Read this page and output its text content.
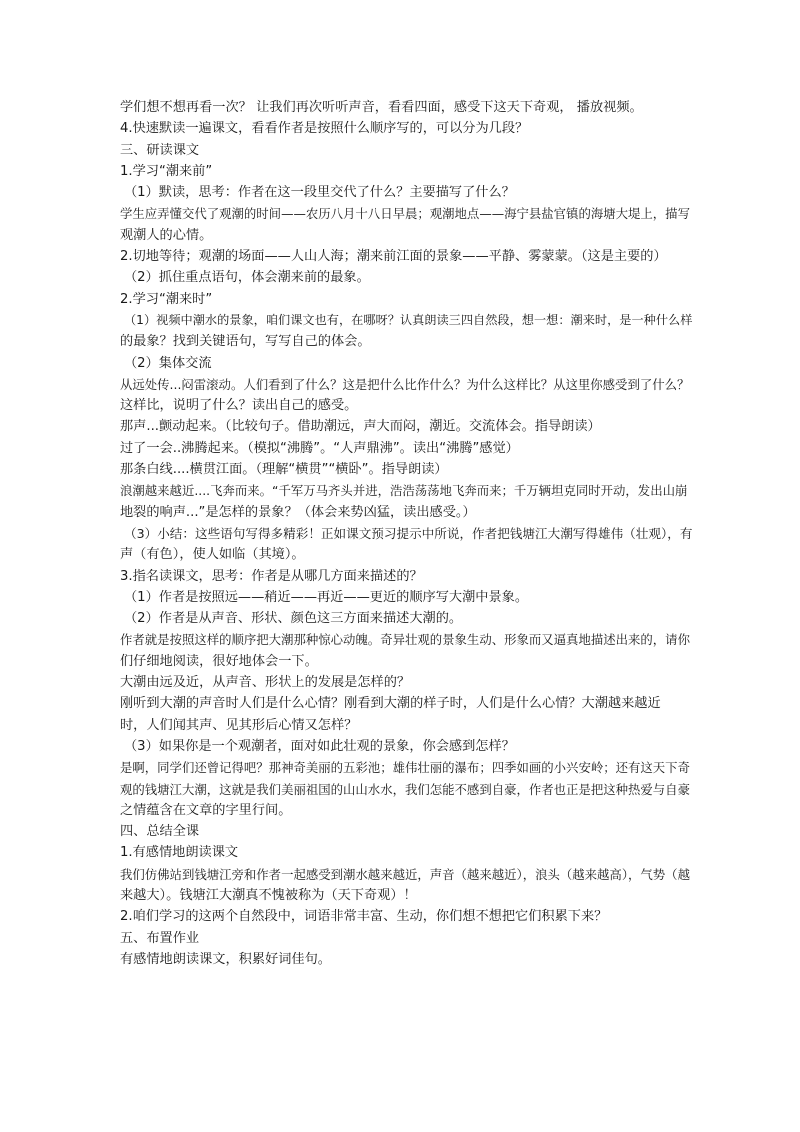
学们想不想再看一次？ 让我们再次听听声音，看看四面，感受下这天下奇观， 播放视频。
4.快速默读一遍课文，看看作者是按照什么顺序写的，可以分为几段？
三、研读课文
1.学习“潮来前”
（1）默读，思考：作者在这一段里交代了什么？主要描写了什么？
学生应弄懂交代了观潮的时间——农历八月十八日早晨；观潮地点——海宁县盐官镇的海塘大堤上，描写
观潮人的心情。
2.切地等待；观潮的场面——人山人海；潮来前江面的景象——平静、雾蒙蒙。（这是主要的）
（2）抓住重点语句，体会潮来前的最象。
2.学习“潮来时”
（1）视频中潮水的景象，咱们课文也有，在哪呀？认真朗读三四自然段，想一想：潮来时，是一种什么样
的最象？找到关键语句，写写自己的体会。
（2）集体交流
从远处传...闷雷滚动。人们看到了什么？这是把什么比作什么？为什么这样比？从这里你感受到了什么？
这样比，说明了什么？读出自己的感受。
那声...颤动起来。（比较句子。借助潮远，声大而闷，潮近。交流体会。指导朗读）
过了一会..沸腾起来。（模拟“沸腾”。“人声鼎沸”。读出“沸腾”感觉）
那条白线....横贯江面。（理解“横贯”“横卧”。指导朗读）
浪潮越来越近....飞奔而来。“千军万马齐头并进，浩浩荡荡地飞奔而来；千万辆坦克同时开动，发出山崩
地裂的响声...”是怎样的景象？（体会来势凶猛，读出感受。）
（3）小结：这些语句写得多精彩！正如课文预习提示中所说，作者把钱塘江大潮写得雄伟（壮观），有
声（有色），使人如临（其境）。
3.指名读课文，思考：作者是从哪几方面来描述的？
（1）作者是按照远——稍近——再近——更近的顺序写大潮中景象。
（2）作者是从声音、形状、颜色这三方面来描述大潮的。
作者就是按照这样的顺序把大潮那种惊心动魄。奇异壮观的景象生动、形象而又逼真地描述出来的，请你
们仔细地阅读，很好地体会一下。
大潮由远及近，从声音、形状上的发展是怎样的？
刚听到大潮的声音时人们是什么心情？刚看到大潮的样子时，人们是什么心情？大潮越来越近
时，人们闻其声、见其形后心情又怎样？
（3）如果你是一个观潮者，面对如此壮观的景象，你会感到怎样？
是啊，同学们还曾记得吧？那神奇美丽的五彩池；雄伟壮丽的瀑布；四季如画的小兴安岭；还有这天下奇
观的钱塘江大潮，这就是我们美丽祖国的山山水水，我们怎能不感到自豪，作者也正是把这种热爱与自豪
之情蕴含在文章的字里行间。
四、总结全课
1.有感情地朗读课文
我们仿佛站到钱塘江旁和作者一起感受到潮水越来越近，声音（越来越近），浪头（越来越高），气势（越
来越大）。钱塘江大潮真不愧被称为（天下奇观）！
2.咱们学习的这两个自然段中，词语非常丰富、生动，你们想不想把它们积累下来？
五、布置作业
有感情地朗读课文，积累好词佳句。
